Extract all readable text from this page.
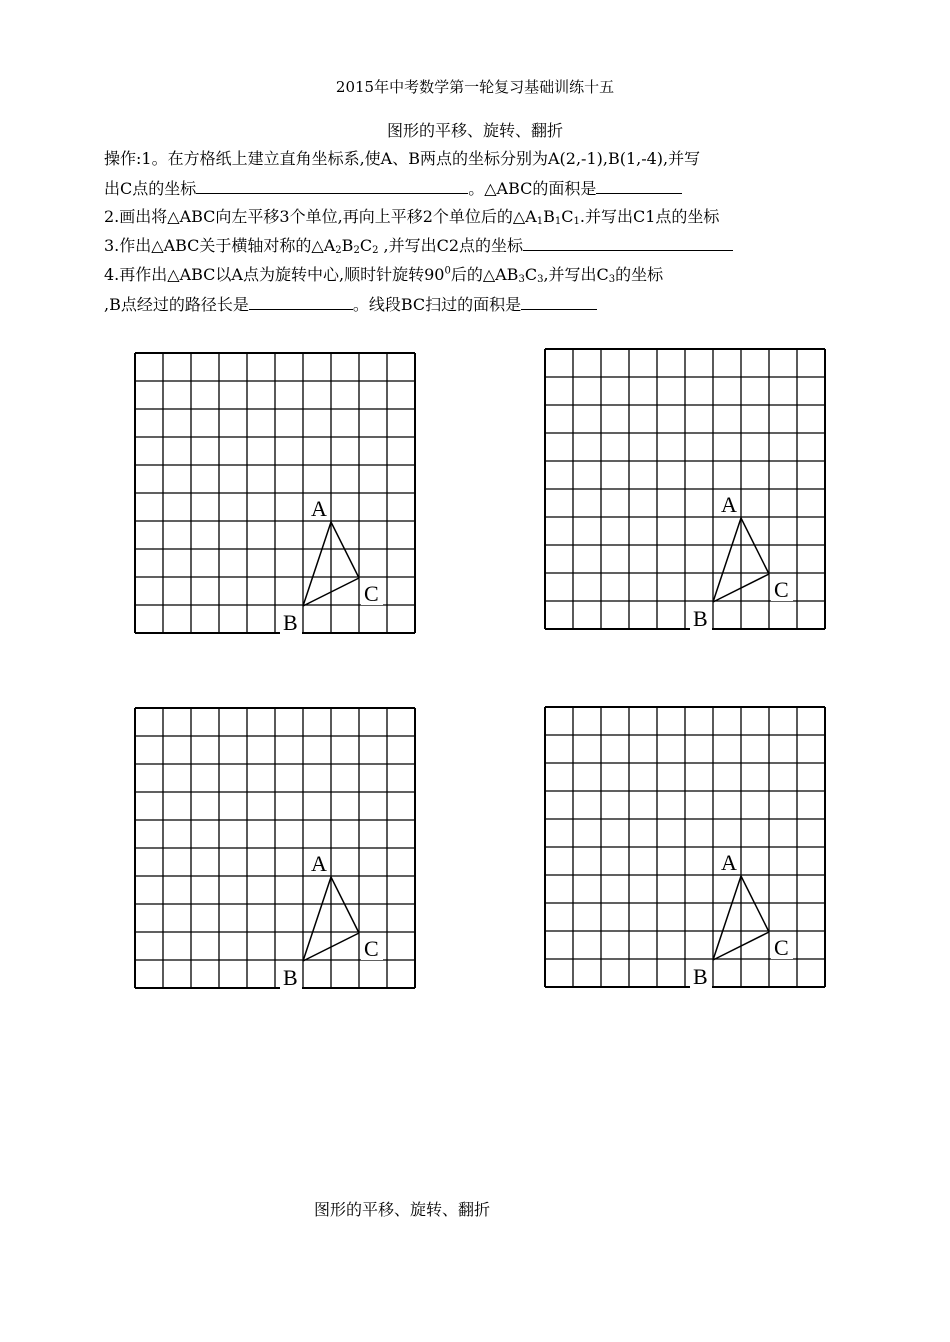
2015年中考数学第一轮复习基础训练十五
图形的平移、旋转、翻折
操作:1。在方格纸上建立直角坐标系,使A、B两点的坐标分别为A(2,-1),B(1,-4),并写
出C点的坐标	。△ABC的面积是
2.画出将△ABC向左平移3个单位,再向上平移2个单位后的$\triangle A_1B_1C_1$.并写出C1点的坐标
3.作出△ABC关于横轴对称的$\triangle A_2B_2C_2$ ,并写出C2点的坐标
4.再作出△ABC以A点为旋转中心,顺时针旋转$90^0$后的$\triangle AB_3C_3$,并写出$C_3$的坐标
,B点经过的路径长是	。线段BC扫过的面积是
A
B
C
A
B
C
A
B
C
A
B
C
图形的平移、旋转、翻折
